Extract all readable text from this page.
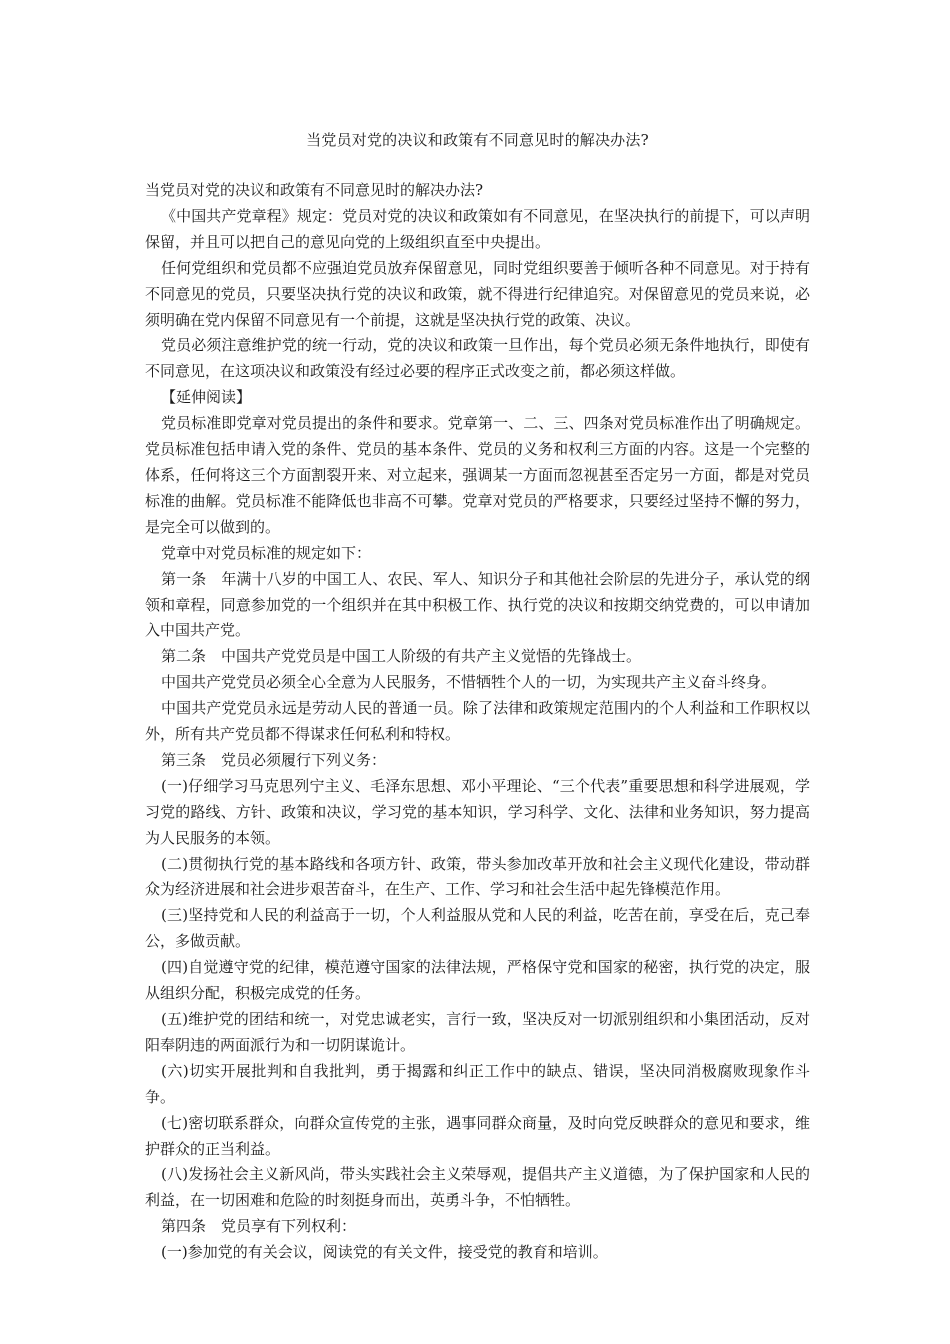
当党员对党的决议和政策有不同意见时的解决办法?

当党员对党的决议和政策有不同意见时的解决办法?

《中国共产党章程》规定：党员对党的决议和政策如有不同意见，在坚决执行的前提下，可以声明保留，并且可以把自己的意见向党的上级组织直至中央提出。

任何党组织和党员都不应强迫党员放弃保留意见，同时党组织要善于倾听各种不同意见。对于持有不同意见的党员，只要坚决执行党的决议和政策，就不得进行纪律追究。对保留意见的党员来说，必须明确在党内保留不同意见有一个前提，这就是坚决执行党的政策、决议。

党员必须注意维护党的统一行动，党的决议和政策一旦作出，每个党员必须无条件地执行，即使有不同意见，在这项决议和政策没有经过必要的程序正式改变之前，都必须这样做。

【延伸阅读】

党员标准即党章对党员提出的条件和要求。党章第一、二、三、四条对党员标准作出了明确规定。党员标准包括申请入党的条件、党员的基本条件、党员的义务和权利三方面的内容。这是一个完整的体系，任何将这三个方面割裂开来、对立起来，强调某一方面而忽视甚至否定另一方面，都是对党员标准的曲解。党员标准不能降低也非高不可攀。党章对党员的严格要求，只要经过坚持不懈的努力，是完全可以做到的。

党章中对党员标准的规定如下：

第一条　年满十八岁的中国工人、农民、军人、知识分子和其他社会阶层的先进分子，承认党的纲领和章程，同意参加党的一个组织并在其中积极工作、执行党的决议和按期交纳党费的，可以申请加入中国共产党。

第二条　中国共产党党员是中国工人阶级的有共产主义觉悟的先锋战士。

中国共产党党员必须全心全意为人民服务，不惜牺牲个人的一切，为实现共产主义奋斗终身。

中国共产党党员永远是劳动人民的普通一员。除了法律和政策规定范围内的个人利益和工作职权以外，所有共产党员都不得谋求任何私利和特权。

第三条　党员必须履行下列义务：

(一)仔细学习马克思列宁主义、毛泽东思想、邓小平理论、“三个代表”重要思想和科学进展观，学习党的路线、方针、政策和决议，学习党的基本知识，学习科学、文化、法律和业务知识，努力提高为人民服务的本领。

(二)贯彻执行党的基本路线和各项方针、政策，带头参加改革开放和社会主义现代化建设，带动群众为经济进展和社会进步艰苦奋斗，在生产、工作、学习和社会生活中起先锋模范作用。

(三)坚持党和人民的利益高于一切，个人利益服从党和人民的利益，吃苦在前，享受在后，克己奉公，多做贡献。

(四)自觉遵守党的纪律，模范遵守国家的法律法规，严格保守党和国家的秘密，执行党的决定，服从组织分配，积极完成党的任务。

(五)维护党的团结和统一，对党忠诚老实，言行一致，坚决反对一切派别组织和小集团活动，反对阳奉阴违的两面派行为和一切阴谋诡计。

(六)切实开展批判和自我批判，勇于揭露和纠正工作中的缺点、错误，坚决同消极腐败现象作斗争。

(七)密切联系群众，向群众宣传党的主张，遇事同群众商量，及时向党反映群众的意见和要求，维护群众的正当利益。

(八)发扬社会主义新风尚，带头实践社会主义荣辱观，提倡共产主义道德，为了保护国家和人民的利益，在一切困难和危险的时刻挺身而出，英勇斗争，不怕牺牲。

第四条　党员享有下列权利：

(一)参加党的有关会议，阅读党的有关文件，接受党的教育和培训。
